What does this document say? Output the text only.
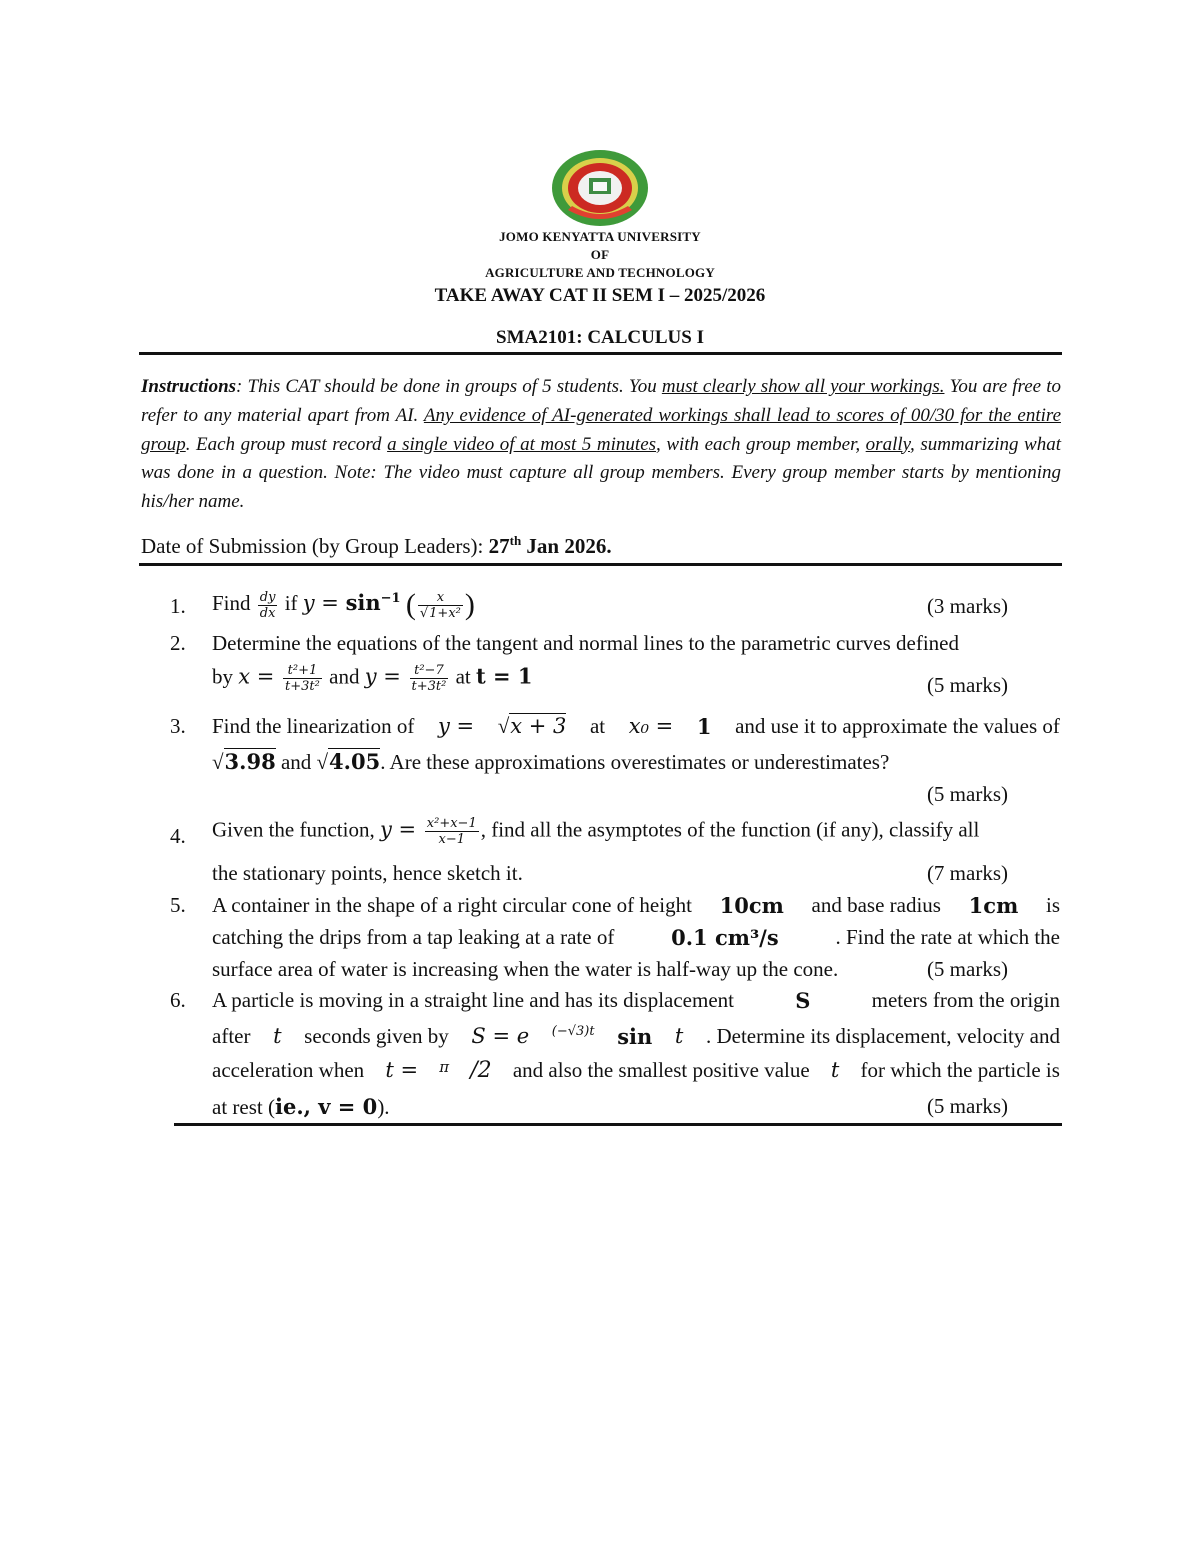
JOMO KENYATTA UNIVERSITY
OF
AGRICULTURE AND TECHNOLOGY
TAKE AWAY CAT II SEM I – 2025/2026
SMA2101: CALCULUS I
Instructions: This CAT should be done in groups of 5 students. You must clearly show all your workings. You are free to refer to any material apart from AI. Any evidence of AI-generated workings shall lead to scores of 00/30 for the entire group. Each group must record a single video of at most 5 minutes, with each group member, orally, summarizing what was done in a question. Note: The video must capture all group members. Every group member starts by mentioning his/her name.
Date of Submission (by Group Leaders): 27th Jan 2026.
1. Find $\frac{dy}{dx}$ if $y = \sin^{-1}$ ( $\frac{x}{\text{√1+x²}}$ )	(3 marks)
2. Determine the equations of the tangent and normal lines to the parametric curves defined
by $x = \frac{\text{t²+1}}{\text{t+3t²}}$ and $y = \frac{\text{t²−7}}{\text{t+3t²}}$ at t = 1	(5 marks)
3. Find the linearization of y = √x + 3 at x₀ = 1 and use it to approximate the values of
√3.98 and √4.05. Are these approximations overestimates or underestimates?
(5 marks)
4. Given the function, $y = \frac{\text{x²+x−1}}{x-1}$ , find all the asymptotes of the function (if any), classify all
the stationary points, hence sketch it.	(7 marks)
5. A container in the shape of a right circular cone of height 10cm and base radius 1cm is
catching the drips from a tap leaking at a rate of	0.1 cm³/s	. Find the rate at which the
surface area of water is increasing when the water is half-way up the cone.	(5 marks)
6. A particle is moving in a straight line and has its displacement	S	meters from the origin
after t seconds given by S = e (−√3)t sin t . Determine its displacement, velocity and
acceleration when t = π /2 and also the smallest positive value t for which the particle is
at rest (ie., v = 0).	(5 marks)
